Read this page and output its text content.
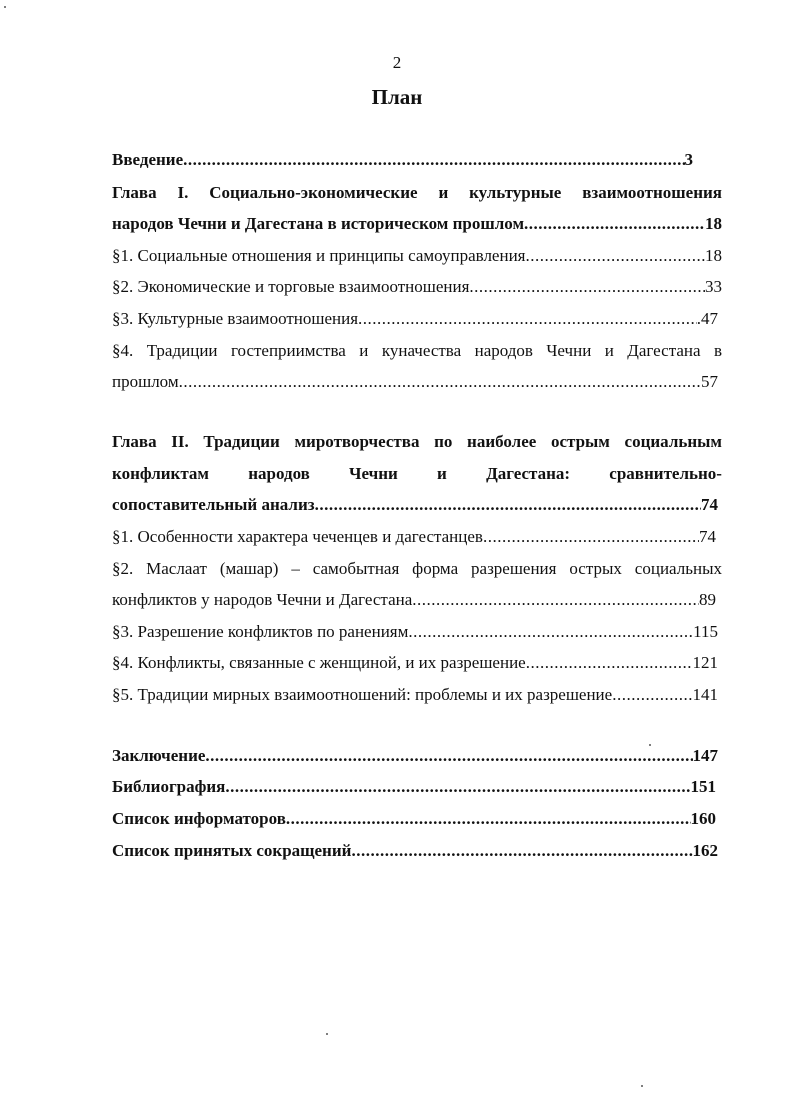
2
План
Введение .....	3
Глава I. Социально-экономические и культурные взаимоотношения
народов Чечни и Дагестана в историческом прошлом .....	18
§1. Социальные отношения и принципы самоуправления .....	18
§2. Экономические и торговые взаимоотношения .....	33
§3. Культурные взаимоотношения .....	.47
§4. Традиции гостеприимства и куначества народов Чечни и Дагестана в
прошлом .....	57
Глава II. Традиции миротворчества по наиболее острым социальным
конфликтам народов Чечни и Дагестана: сравнительно-
сопоставительный анализ .....	74
§1. Особенности характера чеченцев и дагестанцев .....	74
§2. Маслаат (машар) – самобытная форма разрешения острых социальных
конфликтов у народов Чечни и Дагестана .....	89
§3. Разрешение конфликтов по ранениям .....	115
§4. Конфликты, связанные с женщиной, и их разрешение .....	121
§5. Традиции мирных взаимоотношений: проблемы и их разрешение .....	141
Заключение .....	147
Библиография .....	151
Список информаторов .....	160
Список принятых сокращений .....	162
